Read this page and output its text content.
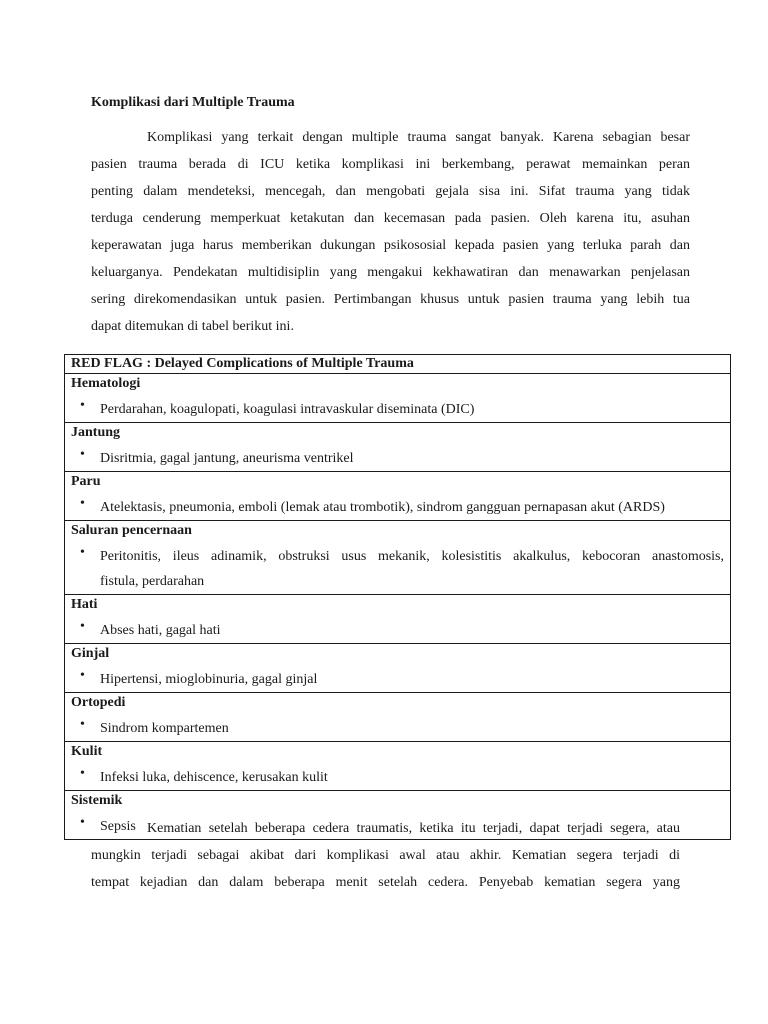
Komplikasi dari Multiple Trauma

Komplikasi yang terkait dengan multiple trauma sangat banyak. Karena sebagian besar
pasien trauma berada di ICU ketika komplikasi ini berkembang, perawat memainkan peran
penting dalam mendeteksi, mencegah, dan mengobati gejala sisa ini. Sifat trauma yang tidak
terduga cenderung memperkuat ketakutan dan kecemasan pada pasien. Oleh karena itu, asuhan
keperawatan juga harus memberikan dukungan psikososial kepada pasien yang terluka parah dan
keluarganya. Pendekatan multidisiplin yang mengakui kekhawatiran dan menawarkan penjelasan
sering direkomendasikan untuk pasien. Pertimbangan khusus untuk pasien trauma yang lebih tua
dapat ditemukan di tabel berikut ini.

RED FLAG : Delayed Complications of Multiple Trauma

Hematologi
• Perdarahan, koagulopati, koagulasi intravaskular diseminata (DIC)

Jantung
• Disritmia, gagal jantung, aneurisma ventrikel

Paru
• Atelektasis, pneumonia, emboli (lemak atau trombotik), sindrom gangguan pernapasan akut (ARDS)

Saluran pencernaan
• Peritonitis, ileus adinamik, obstruksi usus mekanik, kolesistitis akalkulus, kebocoran anastomosis,
fistula, perdarahan

Hati
• Abses hati, gagal hati

Ginjal
• Hipertensi, mioglobinuria, gagal ginjal

Ortopedi
• Sindrom kompartemen

Kulit
• Infeksi luka, dehiscence, kerusakan kulit

Sistemik
• Sepsis Kematian setelah beberapa cedera traumatis, ketika itu terjadi, dapat terjadi segera, atau
mungkin terjadi sebagai akibat dari komplikasi awal atau akhir. Kematian segera terjadi di
tempat kejadian dan dalam beberapa menit setelah cedera. Penyebab kematian segera yang
